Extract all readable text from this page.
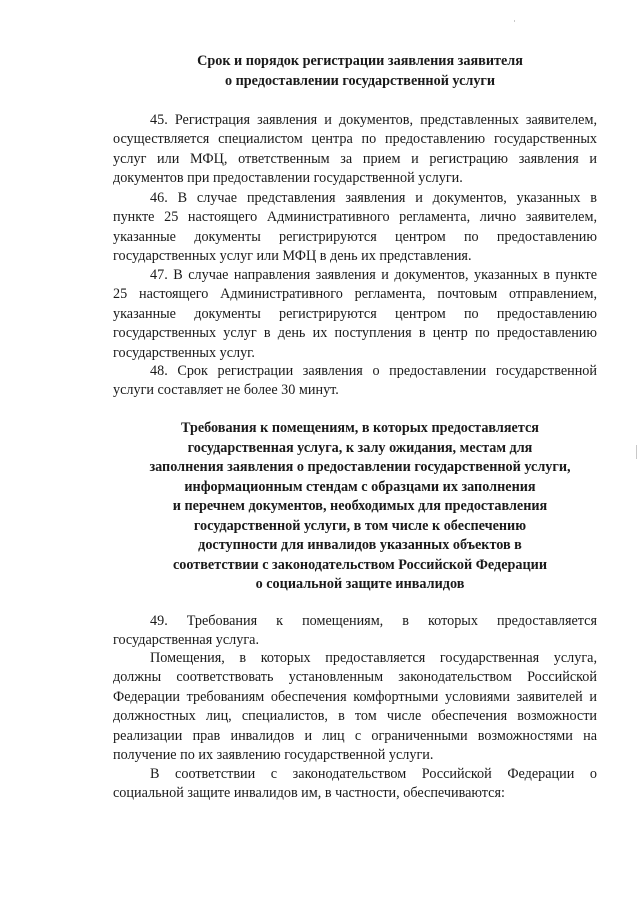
Срок и порядок регистрации заявления заявителя
о предоставлении государственной услуги

45. Регистрация заявления и документов, представленных заявителем,
осуществляется специалистом центра по предоставлению государственных
услуг или МФЦ, ответственным за прием и регистрацию заявления и
документов при предоставлении государственной услуги.

46. В случае представления заявления и документов, указанных в
пункте 25 настоящего Административного регламента, лично заявителем,
указанные документы регистрируются центром по предоставлению
государственных услуг или МФЦ в день их представления.

47. В случае направления заявления и документов, указанных в пункте
25 настоящего Административного регламента, почтовым отправлением,
указанные документы регистрируются центром по предоставлению
государственных услуг в день их поступления в центр по предоставлению
государственных услуг.

48. Срок регистрации заявления о предоставлении государственной
услуги составляет не более 30 минут.

Требования к помещениям, в которых предоставляется
государственная услуга, к залу ожидания, местам для
заполнения заявления о предоставлении государственной услуги,
информационным стендам с образцами их заполнения
и перечнем документов, необходимых для предоставления
государственной услуги, в том числе к обеспечению
доступности для инвалидов указанных объектов в
соответствии с законодательством Российской Федерации
о социальной защите инвалидов

49. Требования к помещениям, в которых предоставляется
государственная услуга.

Помещения, в которых предоставляется государственная услуга,
должны соответствовать установленным законодательством Российской
Федерации требованиям обеспечения комфортными условиями заявителей и
должностных лиц, специалистов, в том числе обеспечения возможности
реализации прав инвалидов и лиц с ограниченными возможностями на
получение по их заявлению государственной услуги.

В соответствии с законодательством Российской Федерации о
социальной защите инвалидов им, в частности, обеспечиваются:
